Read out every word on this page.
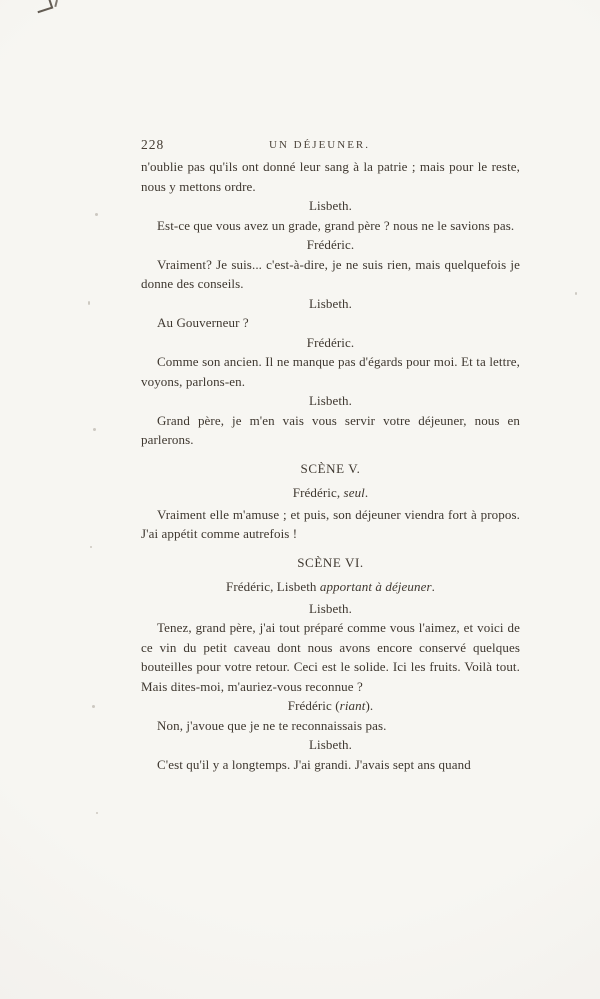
228	UN DÉJEUNER.
n'oublie pas qu'ils ont donné leur sang à la patrie ; mais pour le reste, nous y mettons ordre.
Lisbeth.
Est-ce que vous avez un grade, grand père ? nous ne le savions pas.
Frédéric.
Vraiment? Je suis... c'est-à-dire, je ne suis rien, mais quelquefois je donne des conseils.
Lisbeth.
Au Gouverneur ?
Frédéric.
Comme son ancien. Il ne manque pas d'égards pour moi. Et ta lettre, voyons, parlons-en.
Lisbeth.
Grand père, je m'en vais vous servir votre déjeuner, nous en parlerons.
SCÈNE V.
Frédéric, seul.
Vraiment elle m'amuse ; et puis, son déjeuner viendra fort à propos. J'ai appétit comme autrefois !
SCÈNE VI.
Frédéric, Lisbeth apportant à déjeuner.
Lisbeth.
Tenez, grand père, j'ai tout préparé comme vous l'aimez, et voici de ce vin du petit caveau dont nous avons encore conservé quelques bouteilles pour votre retour. Ceci est le solide. Ici les fruits. Voilà tout. Mais dites-moi, m'auriez-vous reconnue ?
Frédéric (riant).
Non, j'avoue que je ne te reconnaissais pas.
Lisbeth.
C'est qu'il y a longtemps. J'ai grandi. J'avais sept ans quand
